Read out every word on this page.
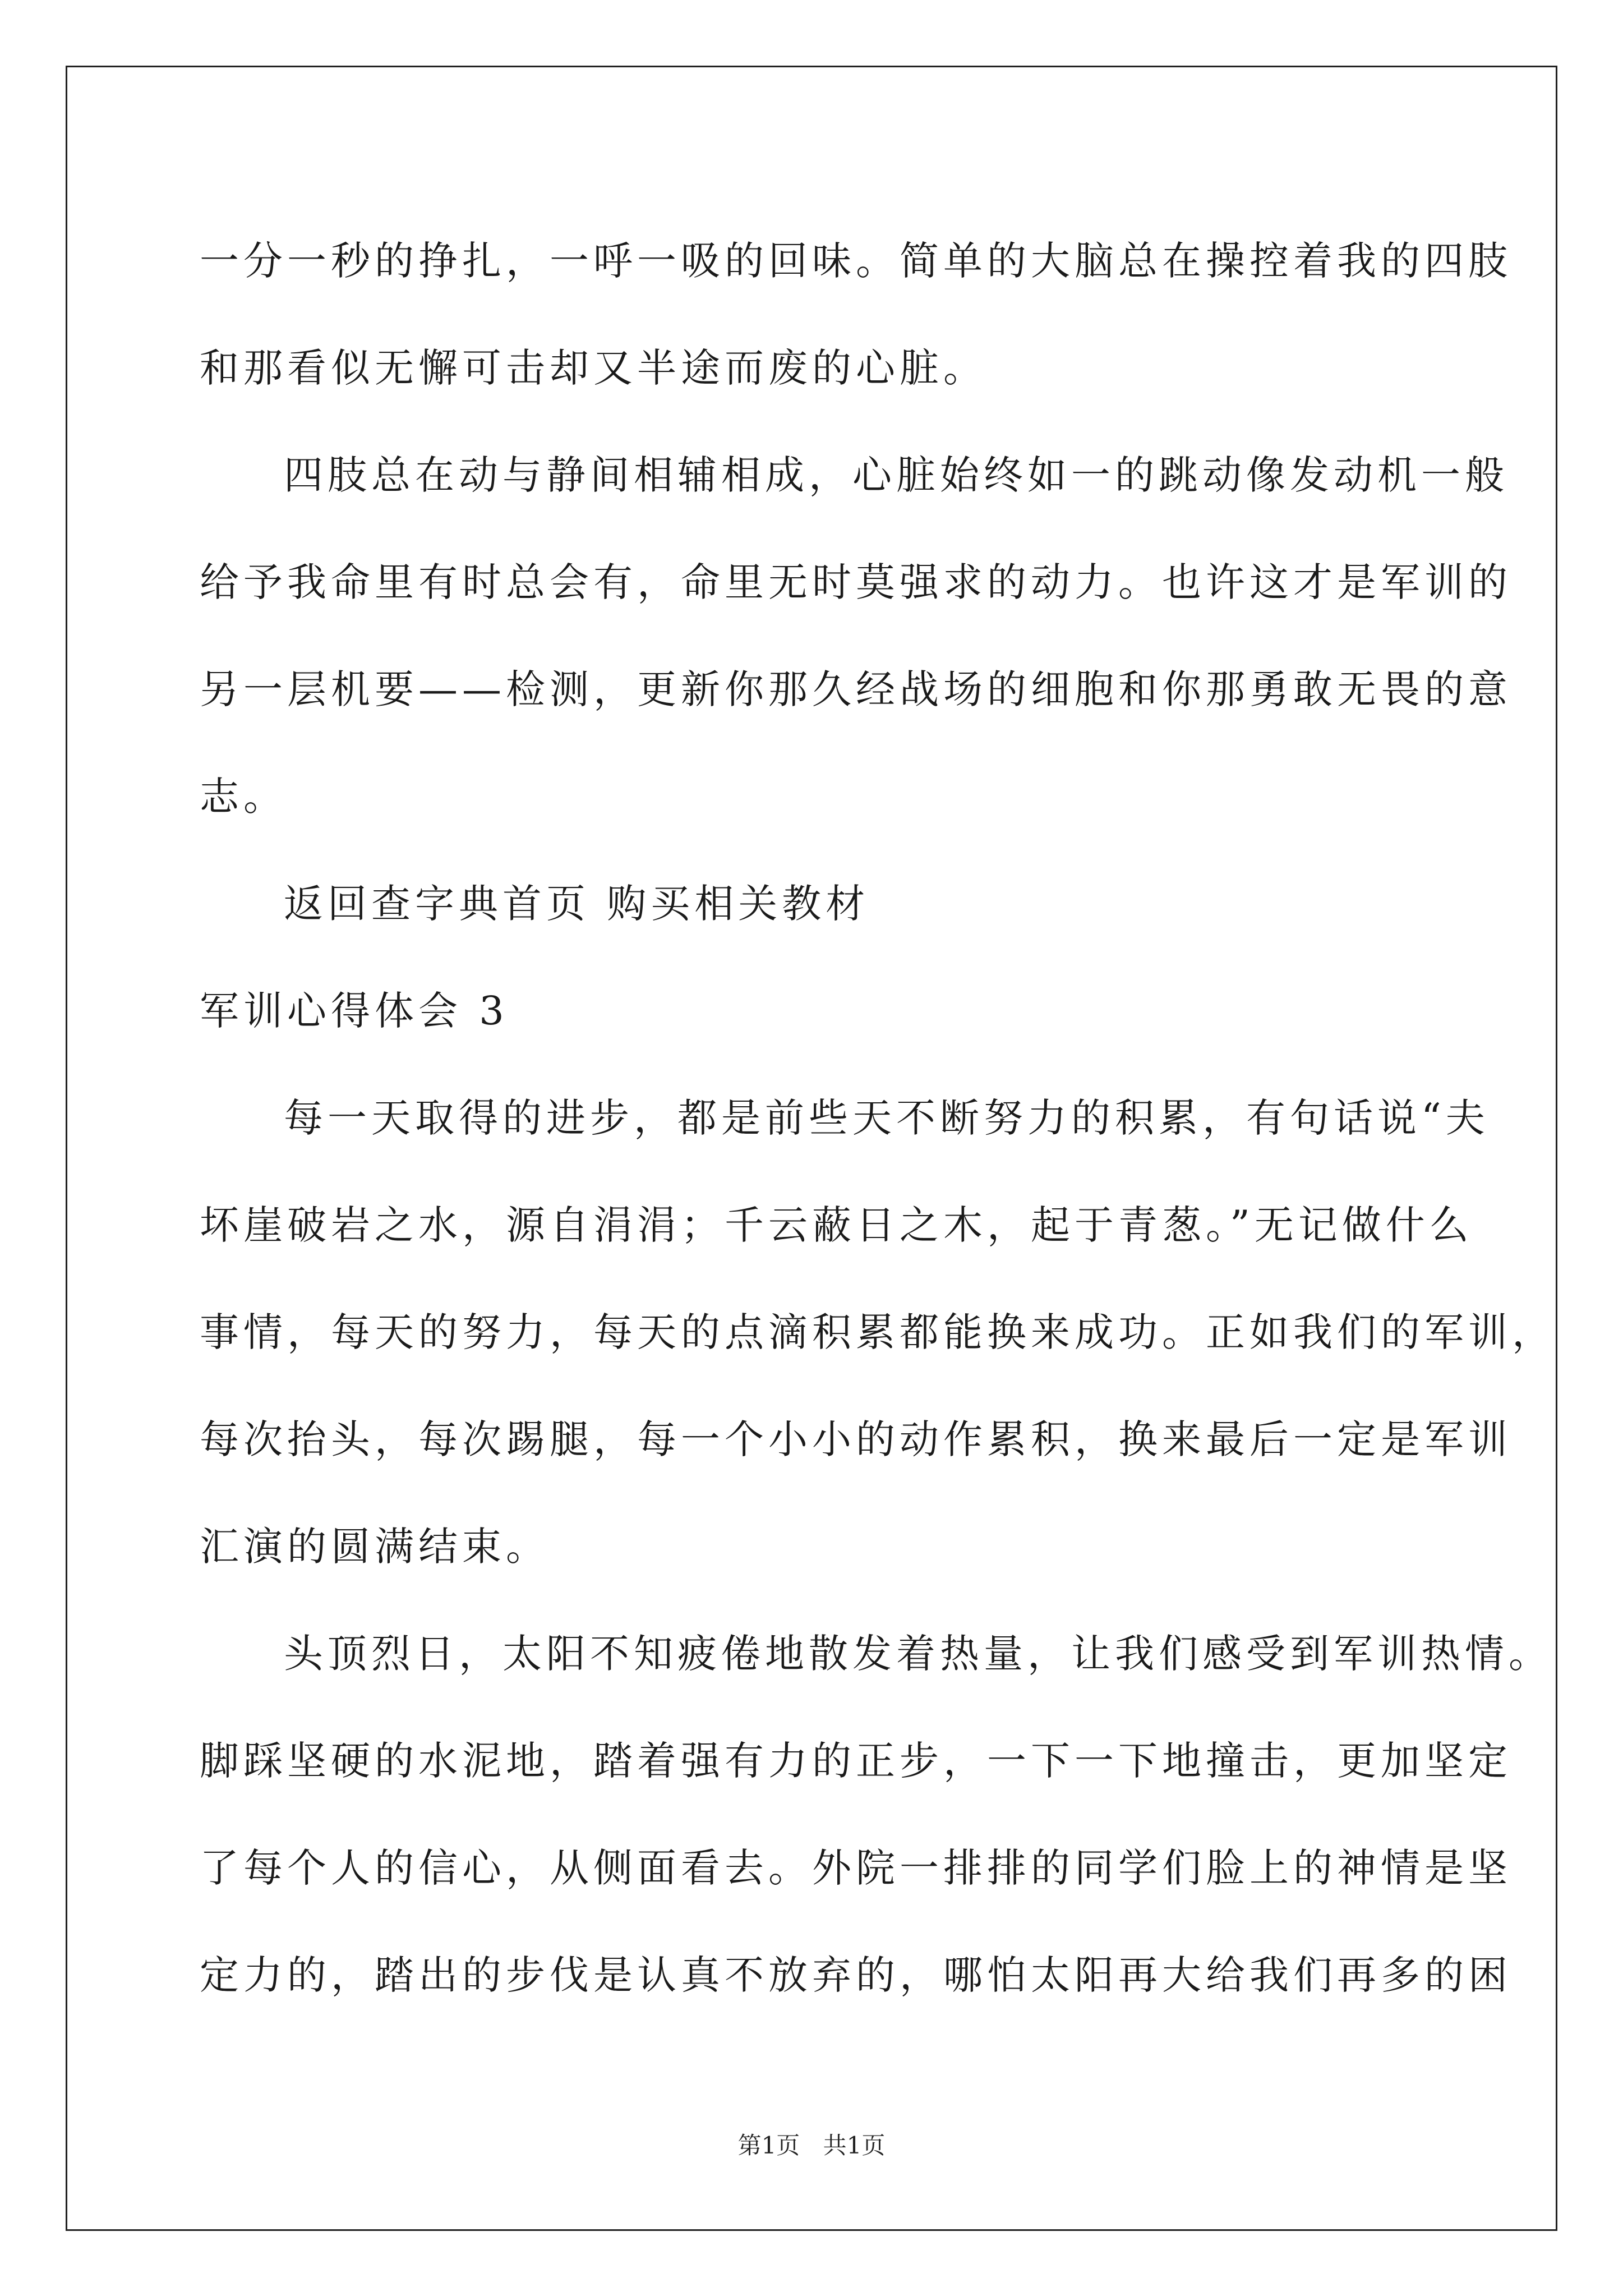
一分一秒的挣扎，一呼一吸的回味。简单的大脑总在操控着我的四肢
和那看似无懈可击却又半途而废的心脏。
四肢总在动与静间相辅相成，心脏始终如一的跳动像发动机一般
给予我命里有时总会有，命里无时莫强求的动力。也许这才是军训的
另一层机要——检测，更新你那久经战场的细胞和你那勇敢无畏的意
志。
返回查字典首页 购买相关教材
军训心得体会 3
每一天取得的进步，都是前些天不断努力的积累，有句话说“夫
坏崖破岩之水，源自涓涓；千云蔽日之木，起于青葱。”无记做什么
事情，每天的努力，每天的点滴积累都能换来成功。正如我们的军训，
每次抬头，每次踢腿，每一个小小的动作累积，换来最后一定是军训
汇演的圆满结束。
头顶烈日，太阳不知疲倦地散发着热量，让我们感受到军训热情。
脚踩坚硬的水泥地，踏着强有力的正步，一下一下地撞击，更加坚定
了每个人的信心，从侧面看去。外院一排排的同学们脸上的神情是坚
定力的，踏出的步伐是认真不放弃的，哪怕太阳再大给我们再多的困
第1页 共1页
